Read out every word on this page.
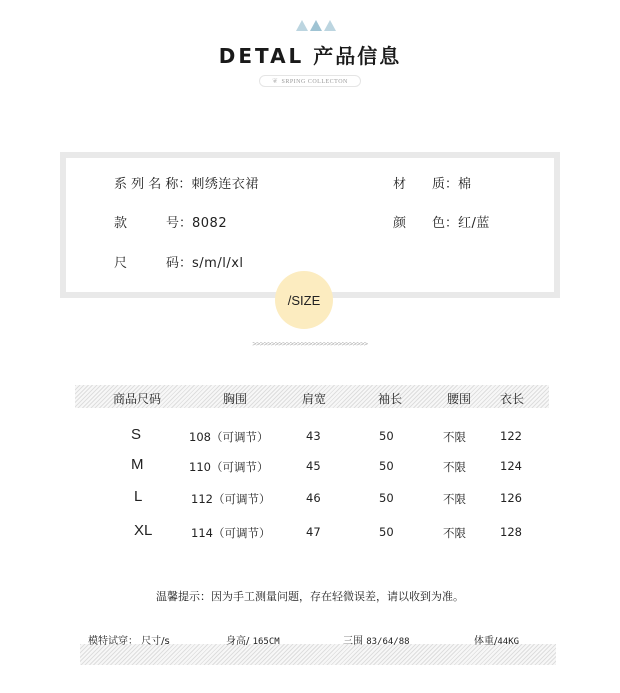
DETAL 产品信息
❦ SRPING COLLECTON
系 列 名 称：刺绣连衣裙	材　　质：棉
款　　　号：8082	颜　　色：红/蓝
尺　　　码：s/m/l/xl
/SIZE
>>>>>>>>>>>>>>>>>>>>>>>>>>>>>>>
商品尺码	胸围	肩宽	袖长	腰围 衣长
S	108（可调节）	43	50	不限	122
M	110（可调节）	45	50	不限	124
L	112（可调节）	46	50	不限	126
XL	114（可调节）	47	50	不限	128
温馨提示：因为手工测量问题，存在轻微误差，请以收到为准。
模特试穿： 尺寸/s	身高/ 165CM	三围 83/64/88	体重/44KG
